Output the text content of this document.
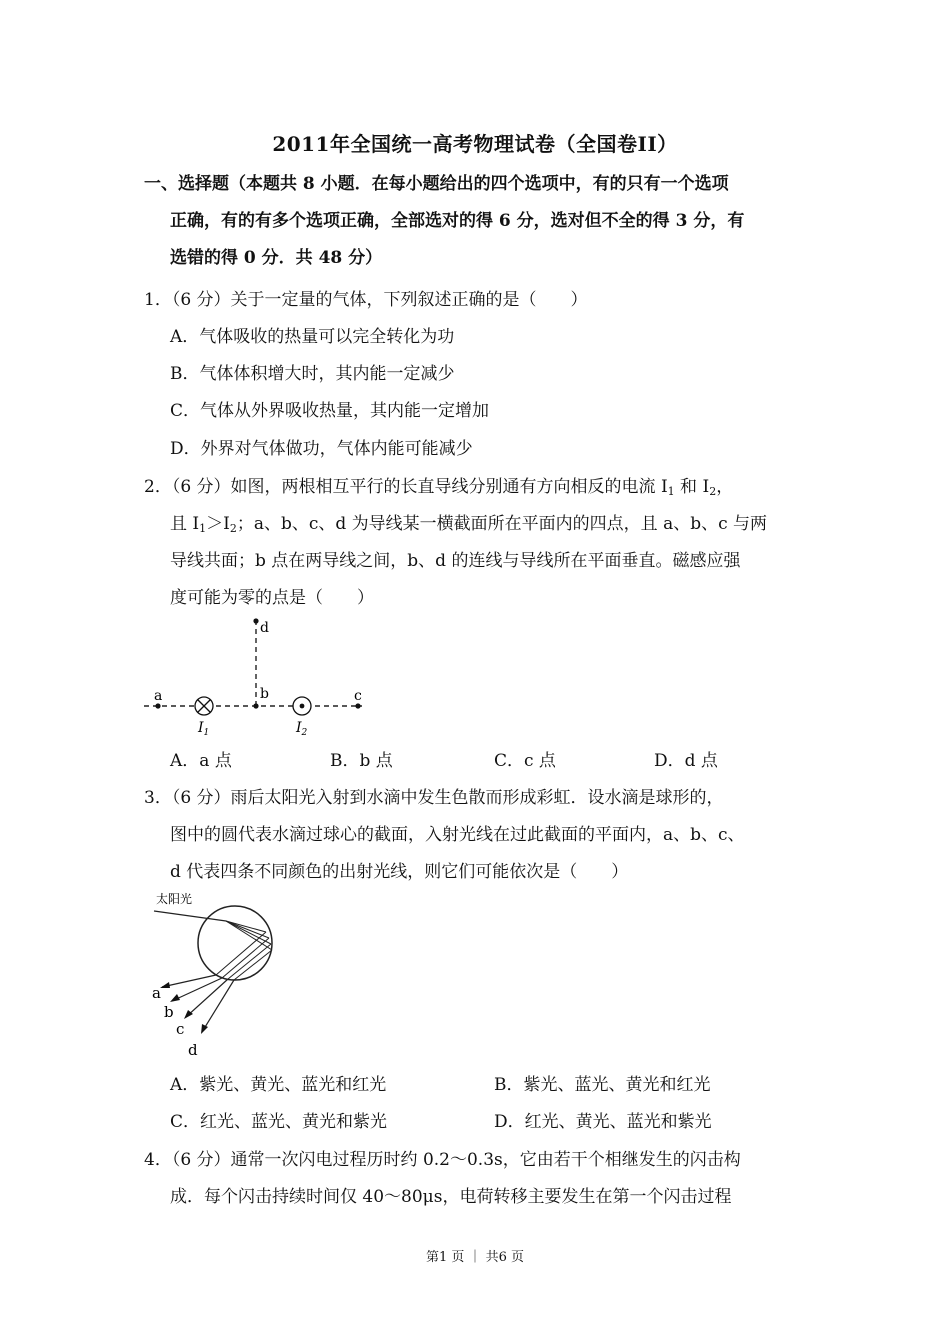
2011年全国统一高考物理试卷（全国卷II）
一、选择题（本题共 8 小题．在每小题给出的四个选项中，有的只有一个选项
正确，有的有多个选项正确，全部选对的得 6 分，选对但不全的得 3 分，有
选错的得 0 分．共 48 分）
1．（6 分）关于一定量的气体，下列叙述正确的是（　　）
A．气体吸收的热量可以完全转化为功
B．气体体积增大时，其内能一定减少
C．气体从外界吸收热量，其内能一定增加
D．外界对气体做功，气体内能可能减少
2．（6 分）如图，两根相互平行的长直导线分别通有方向相反的电流 $I_1$ 和 $I_2$，
且 $I_1>I_2$；a、b、c、d 为导线某一横截面所在平面内的四点，且 a、b、c 与两
导线共面；b 点在两导线之间，b、d 的连线与导线所在平面垂直。磁感应强
度可能为零的点是（　　）
a	b	c
d
$I_1$	$I_2$
A．a 点	B．b 点	C．c 点	D．d 点
3．（6 分）雨后太阳光入射到水滴中发生色散而形成彩虹．设水滴是球形的，
图中的圆代表水滴过球心的截面，入射光线在过此截面的平面内，a、b、c、
d 代表四条不同颜色的出射光线，则它们可能依次是（　　）
太阳光
a
b
c
d
A．紫光、黄光、蓝光和红光	B．紫光、蓝光、黄光和红光
C．红光、蓝光、黄光和紫光	D．红光、黄光、蓝光和紫光
4．（6 分）通常一次闪电过程历时约 0.2～0.3s，它由若干个相继发生的闪击构
成．每个闪击持续时间仅 40～80μs，电荷转移主要发生在第一个闪击过程
第1 页 ｜ 共6 页
